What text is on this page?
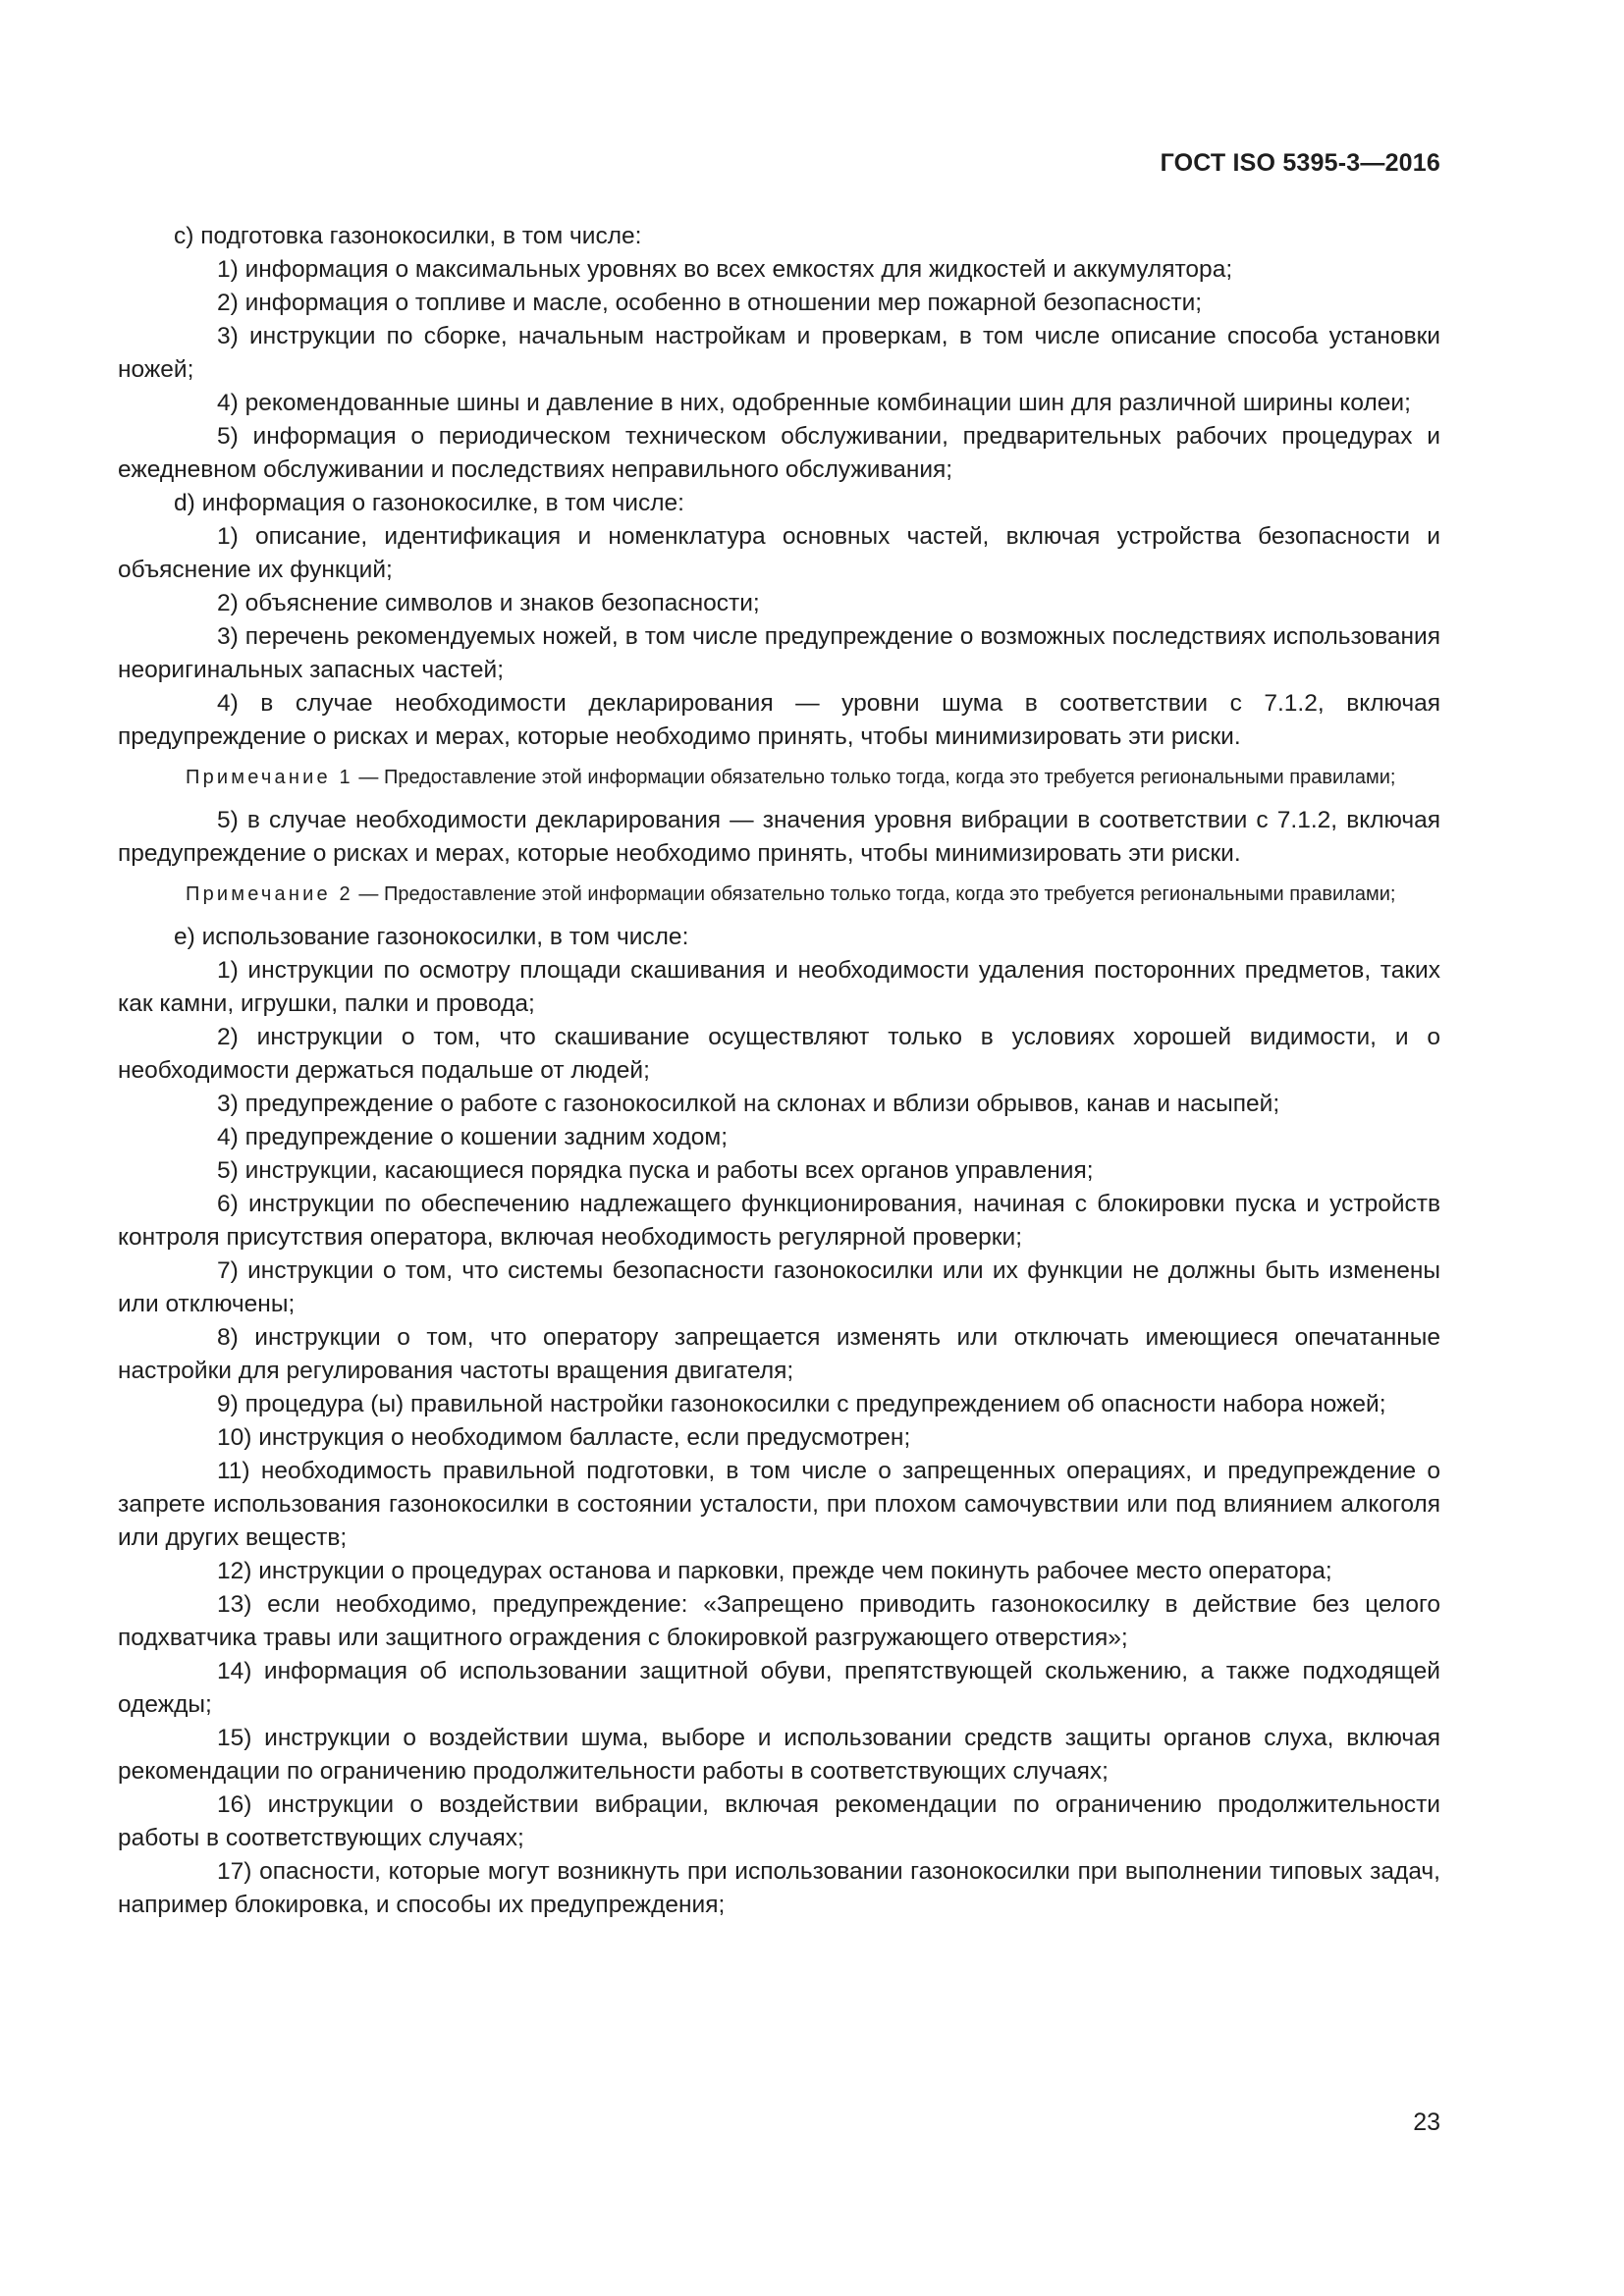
ГОСТ ISO 5395-3—2016

c) подготовка газонокосилки, в том числе:

1) информация о максимальных уровнях во всех емкостях для жидкостей и аккумулятора;

2) информация о топливе и масле, особенно в отношении мер пожарной безопасности;

3) инструкции по сборке, начальным настройкам и проверкам, в том числе описание способа установки ножей;

4) рекомендованные шины и давление в них, одобренные комбинации шин для различной ширины колеи;

5) информация о периодическом техническом обслуживании, предварительных рабочих процедурах и ежедневном обслуживании и последствиях неправильного обслуживания;

d) информация о газонокосилке, в том числе:

1) описание, идентификация и номенклатура основных частей, включая устройства безопасности и объяснение их функций;

2) объяснение символов и знаков безопасности;

3) перечень рекомендуемых ножей, в том числе предупреждение о возможных последствиях использования неоригинальных запасных частей;

4) в случае необходимости декларирования — уровни шума в соответствии с 7.1.2, включая предупреждение о рисках и мерах, которые необходимо принять, чтобы минимизировать эти риски.

Примечание 1 — Предоставление этой информации обязательно только тогда, когда это требуется региональными правилами;

5) в случае необходимости декларирования — значения уровня вибрации в соответствии с 7.1.2, включая предупреждение о рисках и мерах, которые необходимо принять, чтобы минимизировать эти риски.

Примечание 2 — Предоставление этой информации обязательно только тогда, когда это требуется региональными правилами;

e) использование газонокосилки, в том числе:

1) инструкции по осмотру площади скашивания и необходимости удаления посторонних предметов, таких как камни, игрушки, палки и провода;

2) инструкции о том, что скашивание осуществляют только в условиях хорошей видимости, и о необходимости держаться подальше от людей;

3) предупреждение о работе с газонокосилкой на склонах и вблизи обрывов, канав и насыпей;

4) предупреждение о кошении задним ходом;

5) инструкции, касающиеся порядка пуска и работы всех органов управления;

6) инструкции по обеспечению надлежащего функционирования, начиная с блокировки пуска и устройств контроля присутствия оператора, включая необходимость регулярной проверки;

7) инструкции о том, что системы безопасности газонокосилки или их функции не должны быть изменены или отключены;

8) инструкции о том, что оператору запрещается изменять или отключать имеющиеся опечатанные настройки для регулирования частоты вращения двигателя;

9) процедура (ы) правильной настройки газонокосилки с предупреждением об опасности набора ножей;

10) инструкция о необходимом балласте, если предусмотрен;

11) необходимость правильной подготовки, в том числе о запрещенных операциях, и предупреждение о запрете использования газонокосилки в состоянии усталости, при плохом самочувствии или под влиянием алкоголя или других веществ;

12) инструкции о процедурах останова и парковки, прежде чем покинуть рабочее место оператора;

13) если необходимо, предупреждение: «Запрещено приводить газонокосилку в действие без целого подхватчика травы или защитного ограждения с блокировкой разгружающего отверстия»;

14) информация об использовании защитной обуви, препятствующей скольжению, а также подходящей одежды;

15) инструкции о воздействии шума, выборе и использовании средств защиты органов слуха, включая рекомендации по ограничению продолжительности работы в соответствующих случаях;

16) инструкции о воздействии вибрации, включая рекомендации по ограничению продолжительности работы в соответствующих случаях;

17) опасности, которые могут возникнуть при использовании газонокосилки при выполнении типовых задач, например блокировка, и способы их предупреждения;

23
